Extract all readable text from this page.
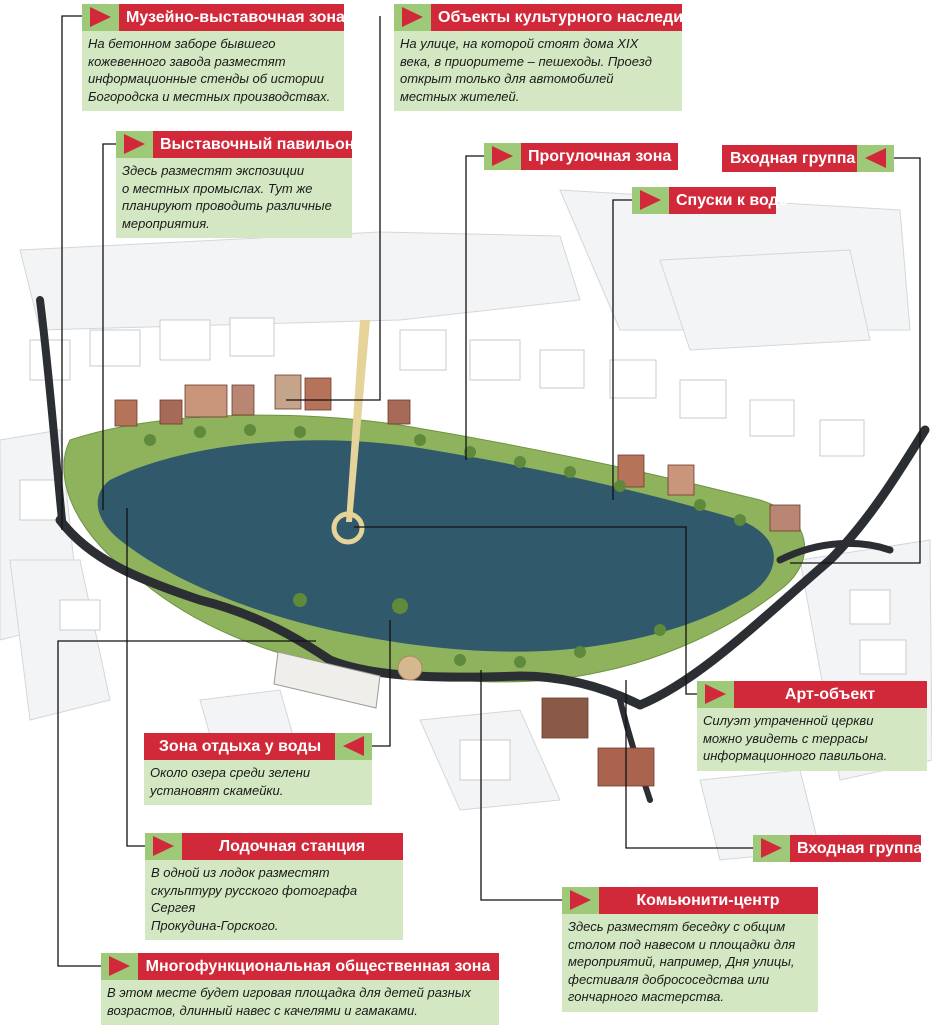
Музейно-выставочная зона
На бетонном заборе бывшего
кожевенного завода разместят
информационные стенды об истории
Богородска и местных производствах.
Объекты культурного наследия
На улице, на которой стоят дома XIX
века, в приоритете – пешеходы. Проезд
открыт только для автомобилей
местных жителей.
Выставочный павильон
Здесь разместят экспозиции
о местных промыслах. Тут же
планируют проводить различные
мероприятия.
Прогулочная зона	Входная группа
Спуски к воде
Арт-объект
Силуэт утраченной церкви
можно увидеть с террасы
информационного павильона.
Зона отдыха у воды
Около озера среди зелени
установят скамейки.
Лодочная станция
В одной из лодок разместят
скульптуру русского фотографа Сергея
Прокудина-Горского.
Входная группа
Комьюнити-центр
Здесь разместят беседку с общим
столом под навесом и площадки для
мероприятий, например, Дня улицы,
фестиваля добрососедства или
гончарного мастерства.
Многофункциональная общественная зона
В этом месте будет игровая площадка для детей разных
возрастов, длинный навес с качелями и гамаками.
